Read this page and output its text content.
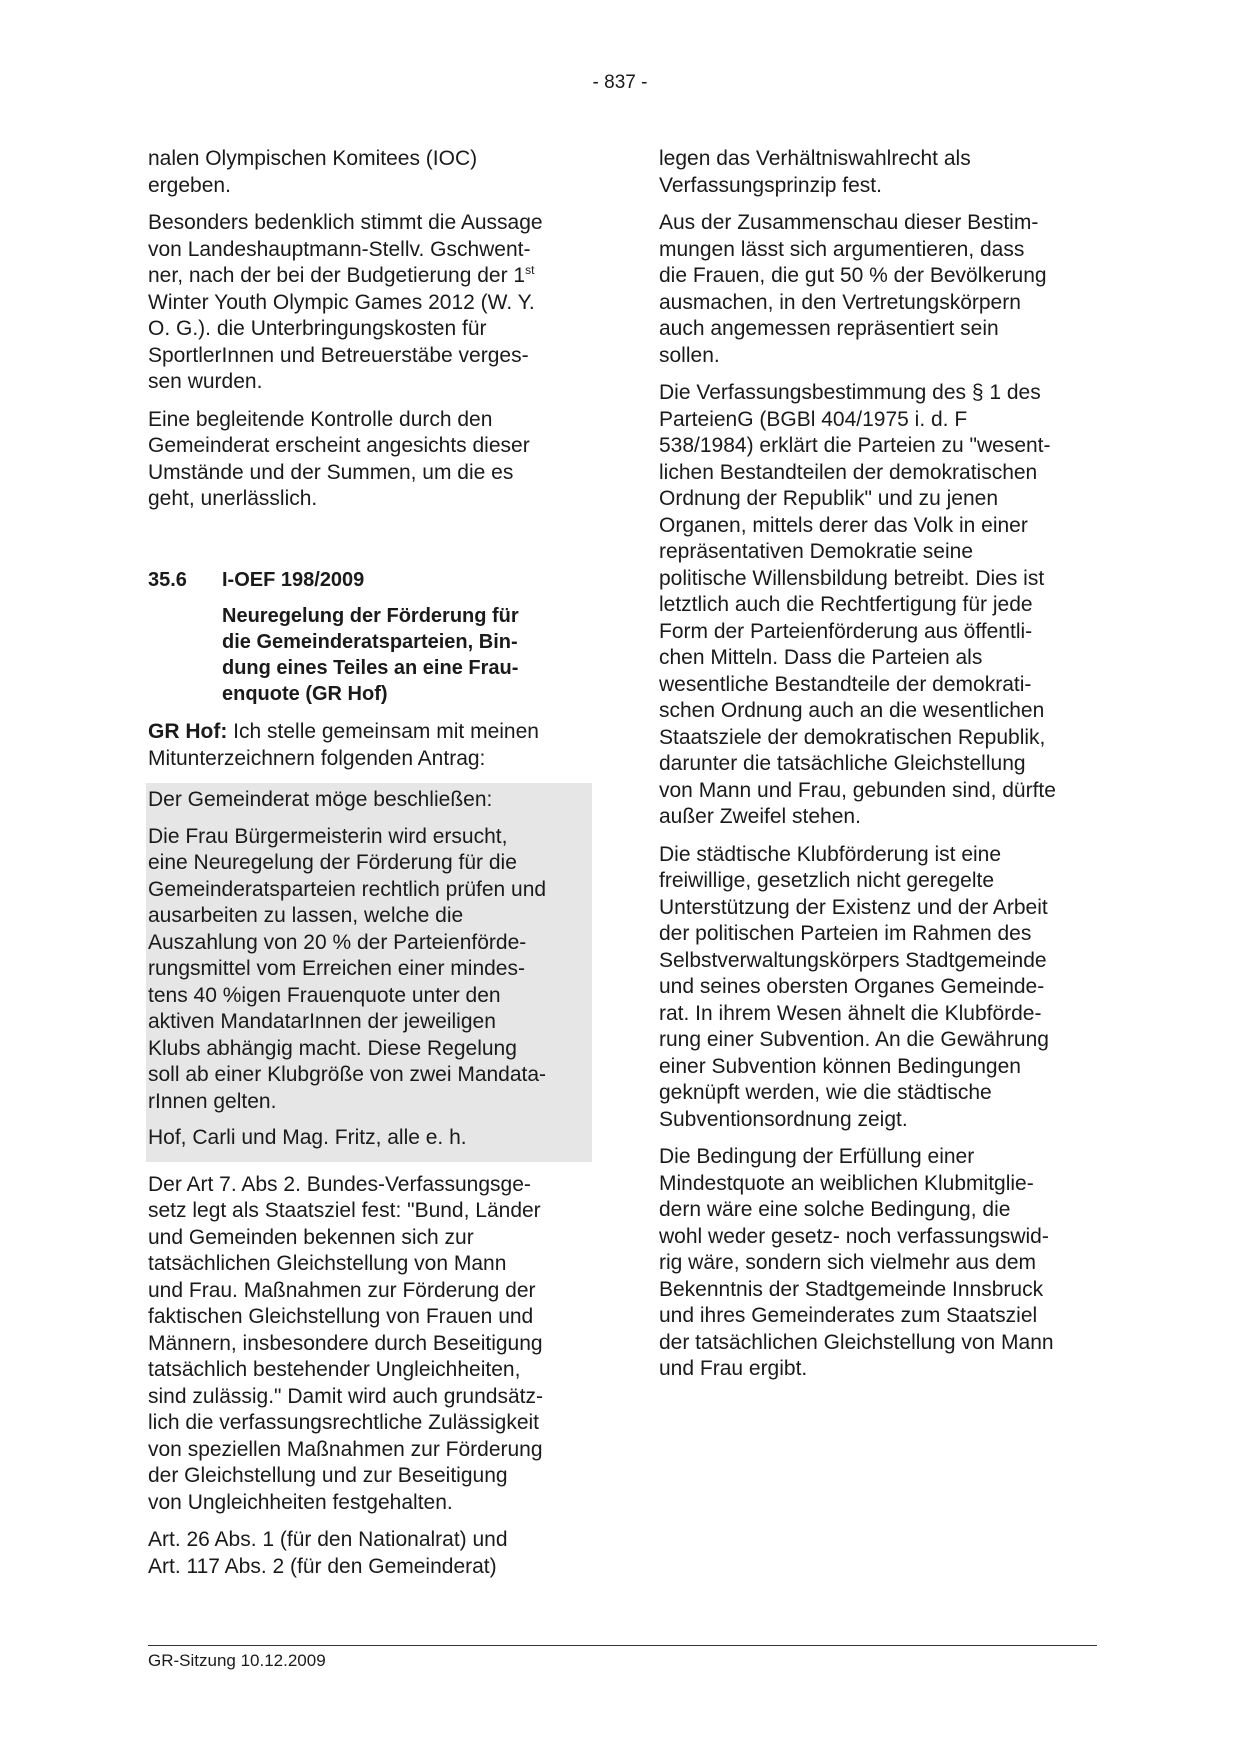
- 837 -

nalen Olympischen Komitees (IOC)
ergeben.

Besonders bedenklich stimmt die Aussage
von Landeshauptmann-Stellv. Gschwent-
ner, nach der bei der Budgetierung der 1st
Winter Youth Olympic Games 2012 (W. Y.
O. G.). die Unterbringungskosten für
SportlerInnen und Betreuerstäbe verges-
sen wurden.

Eine begleitende Kontrolle durch den
Gemeinderat erscheint angesichts dieser
Umstände und der Summen, um die es
geht, unerlässlich.

35.6	I-OEF 198/2009
Neuregelung der Förderung für
die Gemeinderatsparteien, Bin-
dung eines Teiles an eine Frau-
enquote (GR Hof)

GR Hof: Ich stelle gemeinsam mit meinen
Mitunterzeichnern folgenden Antrag:

Der Gemeinderat möge beschließen:

Die Frau Bürgermeisterin wird ersucht,
eine Neuregelung der Förderung für die
Gemeinderatsparteien rechtlich prüfen und
ausarbeiten zu lassen, welche die
Auszahlung von 20 % der Parteienförde-
rungsmittel vom Erreichen einer mindes-
tens 40 %igen Frauenquote unter den
aktiven MandatarInnen der jeweiligen
Klubs abhängig macht. Diese Regelung
soll ab einer Klubgröße von zwei Mandata-
rInnen gelten.

Hof, Carli und Mag. Fritz, alle e. h.

Der Art 7. Abs 2. Bundes-Verfassungsge-
setz legt als Staatsziel fest: "Bund, Länder
und Gemeinden bekennen sich zur
tatsächlichen Gleichstellung von Mann
und Frau. Maßnahmen zur Förderung der
faktischen Gleichstellung von Frauen und
Männern, insbesondere durch Beseitigung
tatsächlich bestehender Ungleichheiten,
sind zulässig." Damit wird auch grundsätz-
lich die verfassungsrechtliche Zulässigkeit
von speziellen Maßnahmen zur Förderung
der Gleichstellung und zur Beseitigung
von Ungleichheiten festgehalten.

Art. 26 Abs. 1 (für den Nationalrat) und
Art. 117 Abs. 2 (für den Gemeinderat)

legen das Verhältniswahlrecht als
Verfassungsprinzip fest.

Aus der Zusammenschau dieser Bestim-
mungen lässt sich argumentieren, dass
die Frauen, die gut 50 % der Bevölkerung
ausmachen, in den Vertretungskörpern
auch angemessen repräsentiert sein
sollen.

Die Verfassungsbestimmung des § 1 des
ParteienG (BGBl 404/1975 i. d. F
538/1984) erklärt die Parteien zu "wesent-
lichen Bestandteilen der demokratischen
Ordnung der Republik" und zu jenen
Organen, mittels derer das Volk in einer
repräsentativen Demokratie seine
politische Willensbildung betreibt. Dies ist
letztlich auch die Rechtfertigung für jede
Form der Parteienförderung aus öffentli-
chen Mitteln. Dass die Parteien als
wesentliche Bestandteile der demokrati-
schen Ordnung auch an die wesentlichen
Staatsziele der demokratischen Republik,
darunter die tatsächliche Gleichstellung
von Mann und Frau, gebunden sind, dürfte
außer Zweifel stehen.

Die städtische Klubförderung ist eine
freiwillige, gesetzlich nicht geregelte
Unterstützung der Existenz und der Arbeit
der politischen Parteien im Rahmen des
Selbstverwaltungskörpers Stadtgemeinde
und seines obersten Organes Gemeinde-
rat. In ihrem Wesen ähnelt die Klubförde-
rung einer Subvention. An die Gewährung
einer Subvention können Bedingungen
geknüpft werden, wie die städtische
Subventionsordnung zeigt.

Die Bedingung der Erfüllung einer
Mindestquote an weiblichen Klubmitglie-
dern wäre eine solche Bedingung, die
wohl weder gesetz- noch verfassungswid-
rig wäre, sondern sich vielmehr aus dem
Bekenntnis der Stadtgemeinde Innsbruck
und ihres Gemeinderates zum Staatsziel
der tatsächlichen Gleichstellung von Mann
und Frau ergibt.

GR-Sitzung 10.12.2009
